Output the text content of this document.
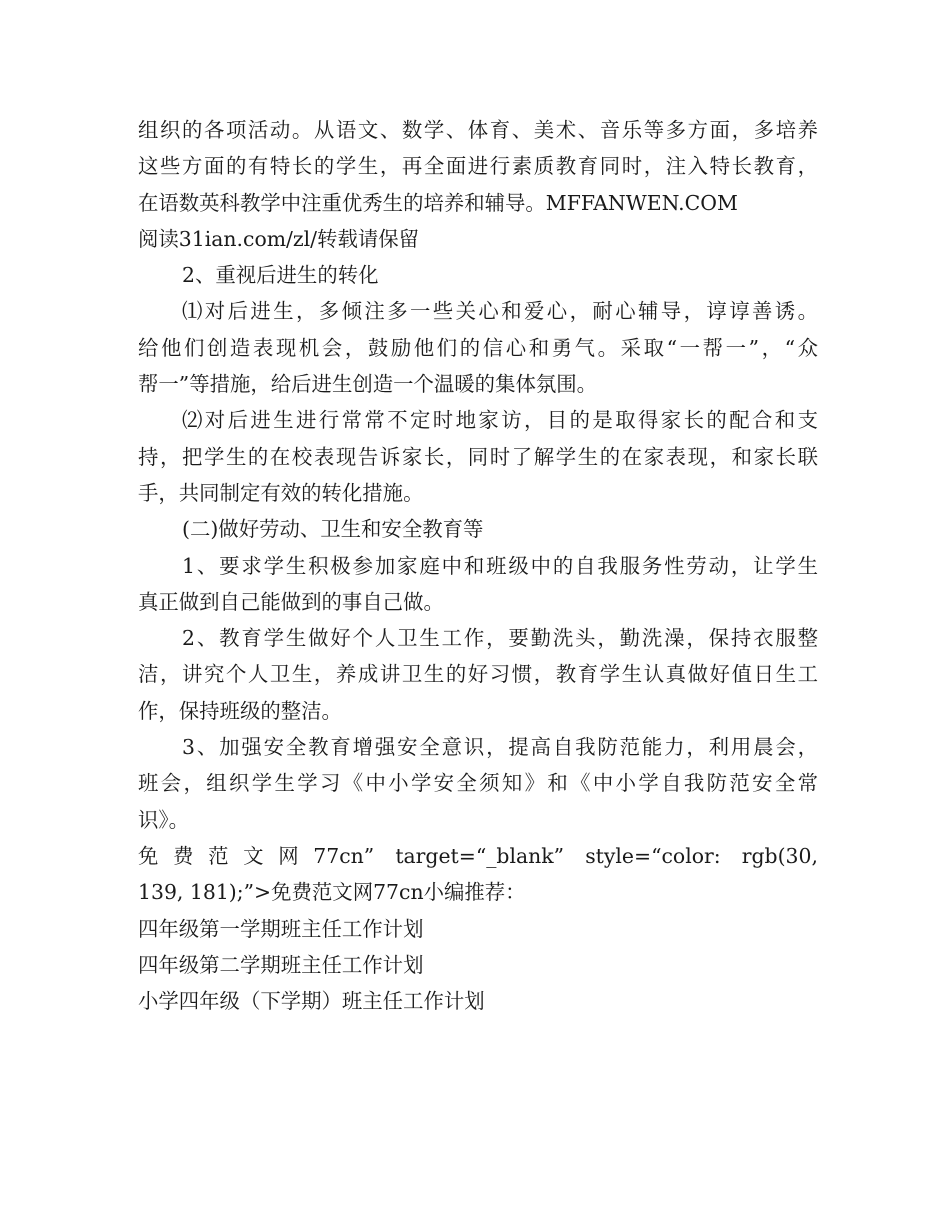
组织的各项活动。从语文、数学、体育、美术、音乐等多方面，多培养
这些方面的有特长的学生，再全面进行素质教育同时，注入特长教育，
在语数英科教学中注重优秀生的培养和辅导。MFFANWEN.COM
阅读31ian.com/zl/转载请保留
2、重视后进生的转化
⑴对后进生，多倾注多一些关心和爱心，耐心辅导，谆谆善诱。
给他们创造表现机会，鼓励他们的信心和勇气。采取“一帮一”，“众
帮一”等措施，给后进生创造一个温暖的集体氛围。
⑵对后进生进行常常不定时地家访，目的是取得家长的配合和支
持，把学生的在校表现告诉家长，同时了解学生的在家表现，和家长联
手，共同制定有效的转化措施。
(二)做好劳动、卫生和安全教育等
1、要求学生积极参加家庭中和班级中的自我服务性劳动，让学生
真正做到自己能做到的事自己做。
2、教育学生做好个人卫生工作，要勤洗头，勤洗澡，保持衣服整
洁，讲究个人卫生，养成讲卫生的好习惯，教育学生认真做好值日生工
作，保持班级的整洁。
3、加强安全教育增强安全意识，提高自我防范能力，利用晨会，
班会，组织学生学习《中小学安全须知》和《中小学自我防范安全常
识》。
免费范文网77cn” target=“_blank” style=“color: rgb(30,
139, 181);”>免费范文网77cn小编推荐：
四年级第一学期班主任工作计划
四年级第二学期班主任工作计划
小学四年级（下学期）班主任工作计划
